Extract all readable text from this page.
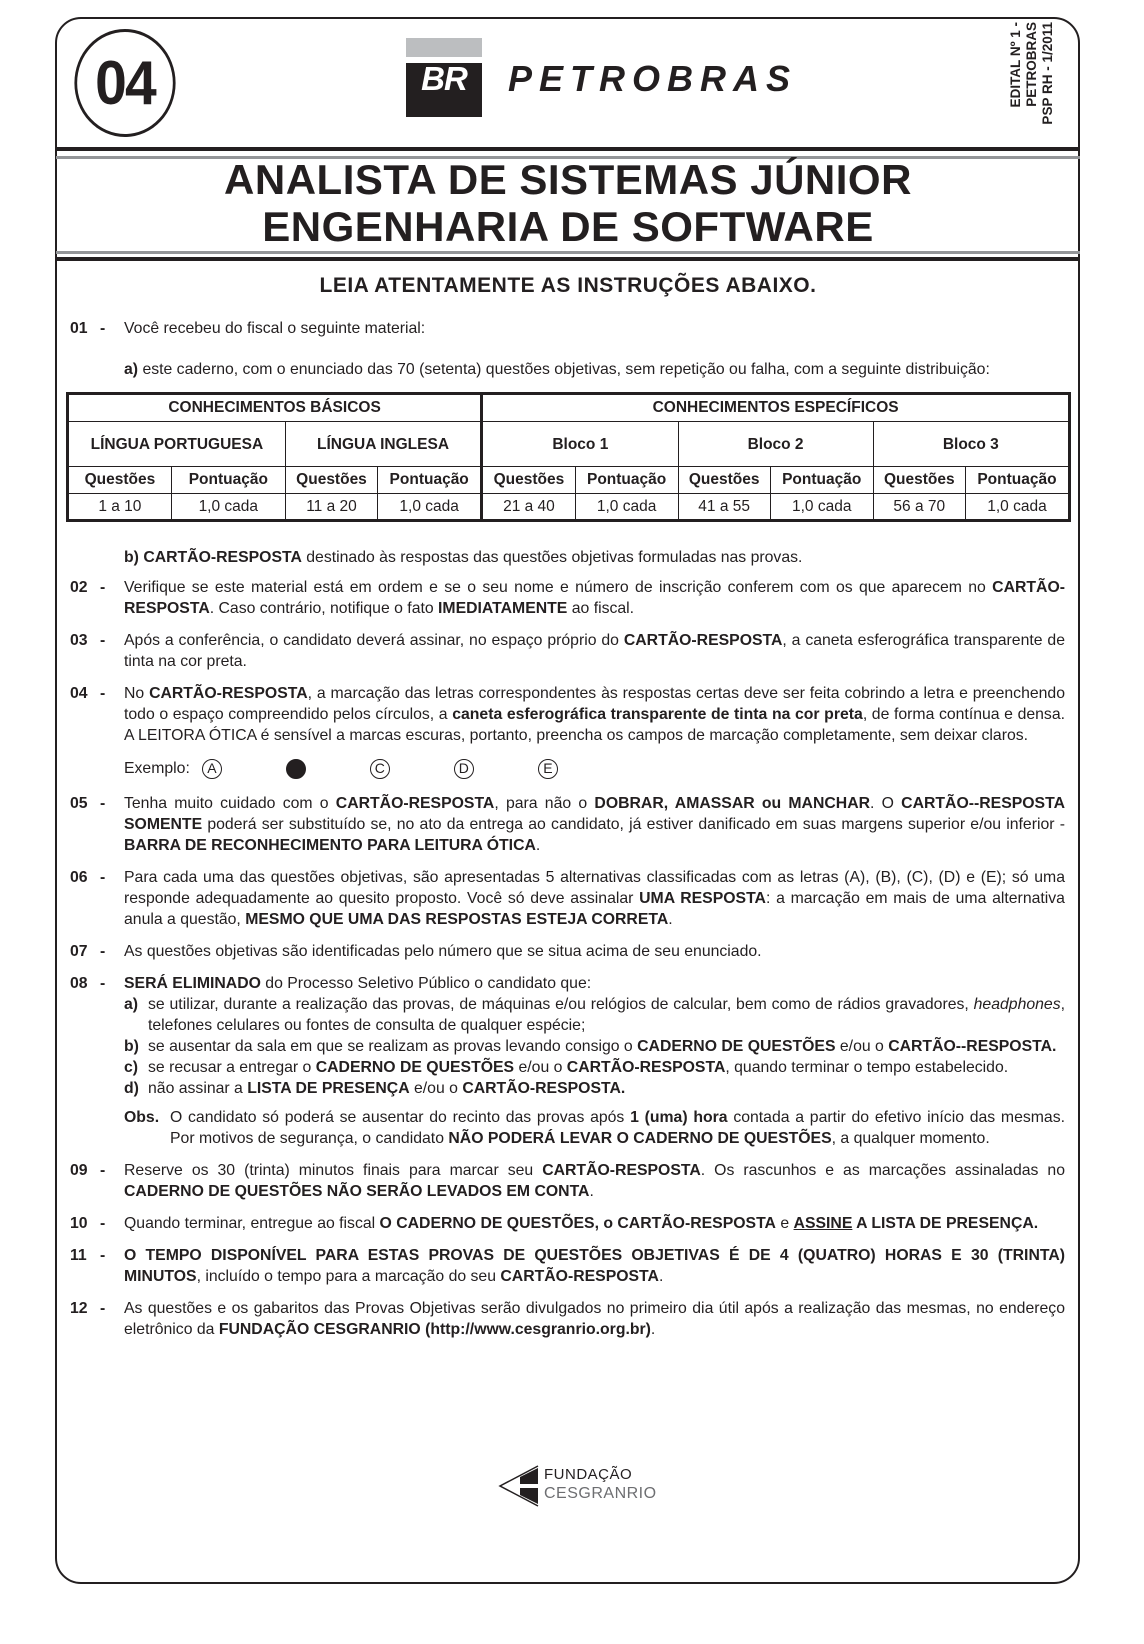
04	BR	PETROBRAS	EDITAL Nº 1 - PETROBRAS PSP RH - 1/2011
ANALISTA DE SISTEMAS JÚNIOR
ENGENHARIA DE SOFTWARE
LEIA ATENTAMENTE AS INSTRUÇÕES ABAIXO.
01 -	Você recebeu do fiscal o seguinte material:
a) este caderno, com o enunciado das 70 (setenta) questões objetivas, sem repetição ou falha, com a seguinte distribuição:
b) CARTÃO-RESPOSTA destinado às respostas das questões objetivas formuladas nas provas.
02 -	Verifique se este material está em ordem e se o seu nome e número de inscrição conferem com os que aparecem no CARTÃO-RESPOSTA. Caso contrário, notifique o fato IMEDIATAMENTE ao fiscal.
03 -	Após a conferência, o candidato deverá assinar, no espaço próprio do CARTÃO-RESPOSTA, a caneta esferográfica transparente de tinta na cor preta.
04 -	No CARTÃO-RESPOSTA, a marcação das letras correspondentes às respostas certas deve ser feita cobrindo a letra e preenchendo todo o espaço compreendido pelos círculos, a caneta esferográfica transparente de tinta na cor preta, de forma contínua e densa. A LEITORA ÓTICA é sensível a marcas escuras, portanto, preencha os campos de marcação completamente, sem deixar claros.
Exemplo:	A	C	D	E
05 -	Tenha muito cuidado com o CARTÃO-RESPOSTA, para não o DOBRAR, AMASSAR ou MANCHAR. O CARTÃO--RESPOSTA SOMENTE poderá ser substituído se, no ato da entrega ao candidato, já estiver danificado em suas margens superior e/ou inferior - BARRA DE RECONHECIMENTO PARA LEITURA ÓTICA.
06 -	Para cada uma das questões objetivas, são apresentadas 5 alternativas classificadas com as letras (A), (B), (C), (D) e (E); só uma responde adequadamente ao quesito proposto. Você só deve assinalar UMA RESPOSTA: a marcação em mais de uma alternativa anula a questão, MESMO QUE UMA DAS RESPOSTAS ESTEJA CORRETA.
07 -	As questões objetivas são identificadas pelo número que se situa acima de seu enunciado.
08 -	SERÁ ELIMINADO do Processo Seletivo Público o candidato que:
a) se utilizar, durante a realização das provas, de máquinas e/ou relógios de calcular, bem como de rádios gravadores, headphones, telefones celulares ou fontes de consulta de qualquer espécie;
b) se ausentar da sala em que se realizam as provas levando consigo o CADERNO DE QUESTÕES e/ou o CARTÃO--RESPOSTA.
c) se recusar a entregar o CADERNO DE QUESTÕES e/ou o CARTÃO-RESPOSTA, quando terminar o tempo estabelecido.
d) não assinar a LISTA DE PRESENÇA e/ou o CARTÃO-RESPOSTA.
Obs. O candidato só poderá se ausentar do recinto das provas após 1 (uma) hora contada a partir do efetivo início das mesmas. Por motivos de segurança, o candidato NÃO PODERÁ LEVAR O CADERNO DE QUESTÕES, a qualquer momento.
09 -	Reserve os 30 (trinta) minutos finais para marcar seu CARTÃO-RESPOSTA. Os rascunhos e as marcações assinaladas no CADERNO DE QUESTÕES NÃO SERÃO LEVADOS EM CONTA.
10 -	Quando terminar, entregue ao fiscal O CADERNO DE QUESTÕES, o CARTÃO-RESPOSTA e ASSINE A LISTA DE PRESENÇA.
11 -	O TEMPO DISPONÍVEL PARA ESTAS PROVAS DE QUESTÕES OBJETIVAS É DE 4 (QUATRO) HORAS E 30 (TRINTA) MINUTOS, incluído o tempo para a marcação do seu CARTÃO-RESPOSTA.
12 -	As questões e os gabaritos das Provas Objetivas serão divulgados no primeiro dia útil após a realização das mesmas, no endereço eletrônico da FUNDAÇÃO CESGRANRIO (http://www.cesgranrio.org.br).
CONHECIMENTOS BÁSICOS				CONHECIMENTOS ESPECÍFICOS					
LÍNGUA PORTUGUESA		LÍNGUA INGLESA		Bloco 1		Bloco 2		Bloco 3	
Questões	Pontuação	Questões	Pontuação	Questões	Pontuação	Questões	Pontuação	Questões	Pontuação
1 a 10	1,0 cada	11 a 20	1,0 cada	21 a 40	1,0 cada	41 a 55	1,0 cada	56 a 70	1,0 cada
FUNDAÇÃO
CESGRANRIO
